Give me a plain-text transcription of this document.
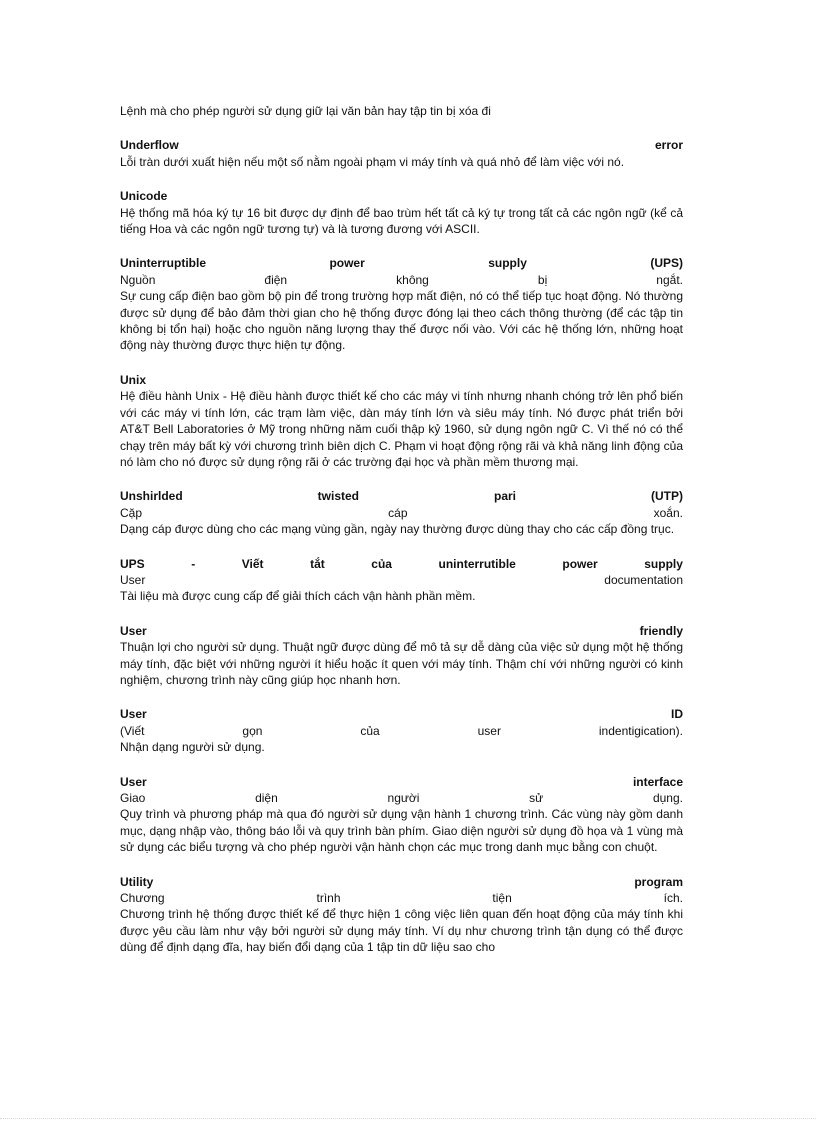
Lệnh mà cho phép người sử dụng giữ lại văn bản hay tập tin bị xóa đi
Underflow	error
Lỗi tràn dưới xuất hiện nếu một số nằm ngoài phạm vi máy tính và quá nhỏ để làm việc với nó.
Unicode
Hệ thống mã hóa ký tự 16 bit được dự định để bao trùm hết tất cả ký tự trong tất cả các ngôn ngữ (kể cả tiếng Hoa và các ngôn ngữ tương tự) và là tương đương với ASCII.
Uninterruptible	power	supply	(UPS)
Nguồn	điện	không	bị	ngắt.
Sự cung cấp điện bao gồm bộ pin để trong trường hợp mất điện, nó có thể tiếp tục hoạt động. Nó thường được sử dụng để bảo đảm thời gian cho hệ thống được đóng lại theo cách thông thường (để các tập tin không bị tổn hại) hoặc cho nguồn năng lượng thay thế được nối vào. Với các hệ thống lớn, những hoạt động này thường được thực hiện tự động.
Unix
Hệ điều hành Unix - Hệ điều hành được thiết kế cho các máy vi tính nhưng nhanh chóng trở lên phổ biến với các máy vi tính lớn, các trạm làm việc, dàn máy tính lớn và siêu máy tính. Nó được phát triển bởi AT&T Bell Laboratories ở Mỹ trong những năm cuối thập kỷ 1960, sử dụng ngôn ngữ C. Vì thế nó có thể chạy trên máy bất kỳ với chương trình biên dịch C. Phạm vi hoạt động rộng rãi và khả năng linh động của nó làm cho nó được sử dụng rộng rãi ở các trường đại học và phần mềm thương mại.
Unshirlded	twisted	pari	(UTP)
Cặp	cáp	xoắn.
Dạng cáp được dùng cho các mạng vùng gần, ngày nay thường được dùng thay cho các cấp đồng trục.
UPS	-	Viết	tắt	của	uninterrutible	power	supply
User	documentation
Tài liệu mà được cung cấp để giải thích cách vận hành phần mềm.
User	friendly
Thuận lợi cho người sử dụng. Thuật ngữ được dùng để mô tả sự dễ dàng của việc sử dụng một hệ thống máy tính, đặc biệt với những người ít hiểu hoặc ít quen với máy tính. Thậm chí với những người có kinh nghiệm, chương trình này cũng giúp học nhanh hơn.
User	ID
(Viết	gọn	của	user	indentigication).
Nhận dạng người sử dụng.
User	interface
Giao	diện	người	sử	dụng.
Quy trình và phương pháp mà qua đó người sử dụng vận hành 1 chương trình. Các vùng này gồm danh mục, dạng nhập vào, thông báo lỗi và quy trình bàn phím. Giao diện người sử dụng đồ họa và 1 vùng mà sử dụng các biểu tượng và cho phép người vận hành chọn các mục trong danh mục bằng con chuột.
Utility	program
Chương	trình	tiện	ích.
Chương trình hệ thống được thiết kế để thực hiện 1 công việc liên quan đến hoạt động của máy tính khi được yêu cầu làm như vậy bởi người sử dụng máy tính. Ví dụ như chương trình tận dụng có thể được dùng để định dạng đĩa, hay biến đổi dạng của 1 tập tin dữ liệu sao cho
